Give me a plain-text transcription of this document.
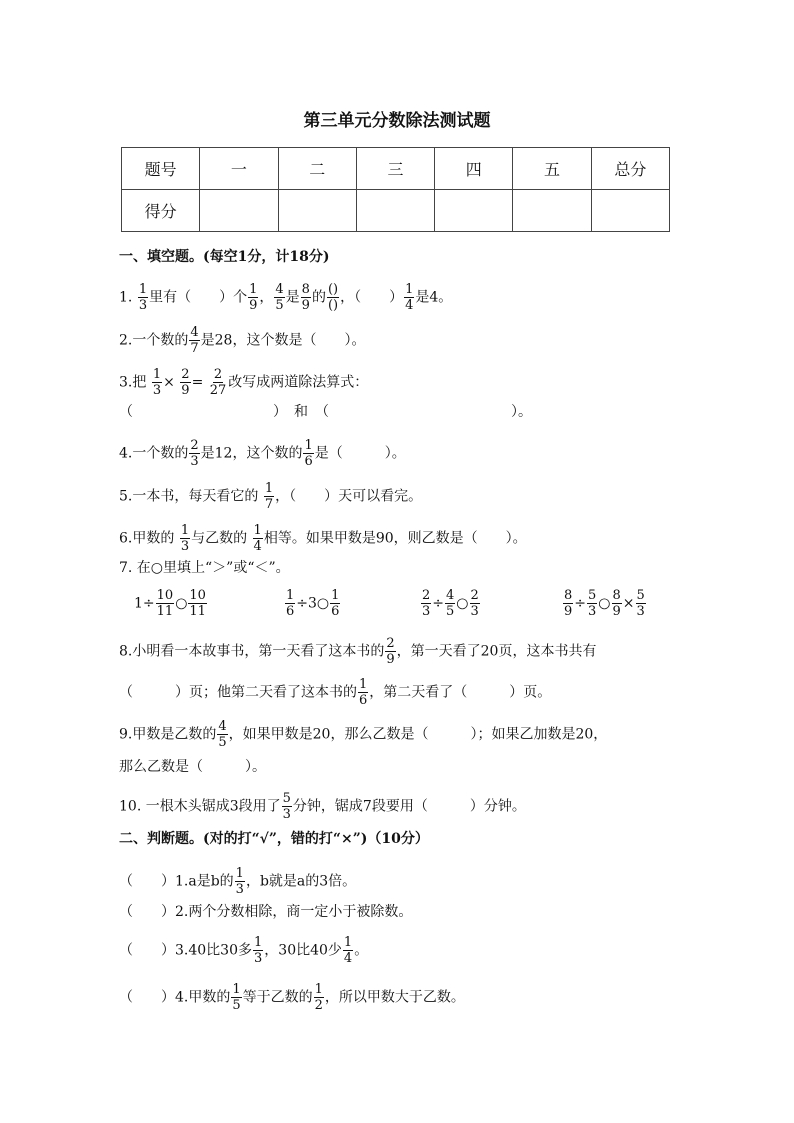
第三单元分数除法测试题
题号	一	二	三	四	五	总分
得分						
一、填空题。(每空1分，计18分)
1. $\frac{1}{3}$ 里有（　　）个 $\frac{1}{9}$ ， $\frac{4}{5}$ 是 $\frac{8}{9}$ 的 $\frac{()}{()}$ ，（　　） $\frac{1}{4}$ 是4。
2.一个数的 $\frac{4}{7}$ 是28，这个数是（　　）。
3.把 $\frac{1}{3} \times \frac{2}{9} = \frac{2}{27}$ 改写成两道除法算式：
（　　　　　　　　　　）　和　（　　　　　　　　　　　　　）。
4.一个数的 $\frac{2}{3}$ 是12，这个数的 $\frac{1}{6}$ 是（　　　）。
5.一本书，每天看它的 $\frac{1}{7}$ ，（　　）天可以看完。
6.甲数的 $\frac{1}{3}$ 与乙数的 $\frac{1}{4}$ 相等。如果甲数是90，则乙数是（　　）。
7. 在○里填上“＞”或“＜”。
$1\div \frac{10}{11}$ ○ $\frac{10}{11}$	$\frac{1}{6}$ ÷3○ $\frac{1}{6}$	$\frac{2}{3} \div \frac{4}{5}$ ○ $\frac{2}{3}$	$\frac{8}{9} \div \frac{5}{3}$ ○ $\frac{8}{9} \times \frac{5}{3}$
8.小明看一本故事书，第一天看了这本书的 $\frac{2}{9}$ ，第一天看了20页，这本书共有
（　　　）页；他第二天看了这本书的 $\frac{1}{6}$ ，第二天看了（　　　）页。
9.甲数是乙数的 $\frac{4}{5}$ ，如果甲数是20，那么乙数是（　　　）；如果乙加数是20，
那么乙数是（　　　）。
10. 一根木头锯成3段用了 $\frac{5}{3}$ 分钟，锯成7段要用（　　　）分钟。
二、判断题。(对的打“√”，错的打“×”)（10分）
（　　）1.a是b的 $\frac{1}{3}$ ，b就是a的3倍。
（　　）2.两个分数相除，商一定小于被除数。
（　　）3.40比30多 $\frac{1}{3}$ ，30比40少 $\frac{1}{4}$ 。
（　　）4.甲数的 $\frac{1}{5}$ 等于乙数的 $\frac{1}{2}$ ，所以甲数大于乙数。
